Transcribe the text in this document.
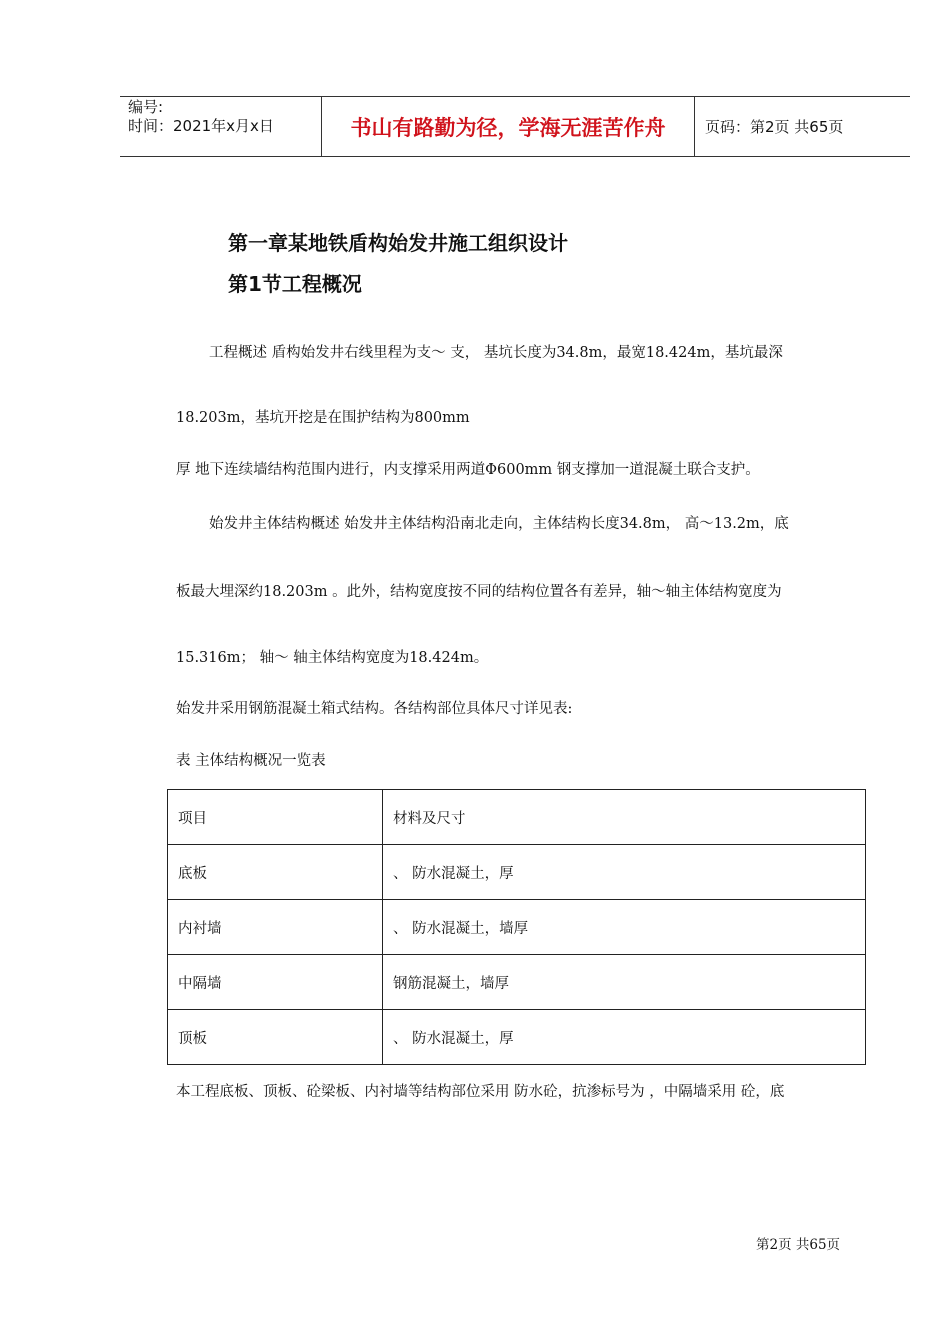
编号:
时间：2021年x月x日	书山有路勤为径，学海无涯苦作舟	页码：第2页 共65页
第一章某地铁盾构始发井施工组织设计
第1节工程概况
工程概述 盾构始发井右线里程为支～ 支， 基坑长度为34.8m，最宽18.424m，基坑最深
18.203m，基坑开挖是在围护结构为800mm
厚 地下连续墙结构范围内进行，内支撑采用两道Φ600mm 钢支撑加一道混凝土联合支护。
始发井主体结构概述 始发井主体结构沿南北走向，主体结构长度34.8m， 高～13.2m，底
板最大埋深约18.203m 。此外，结构宽度按不同的结构位置各有差异，轴～轴主体结构宽度为
15.316m； 轴～ 轴主体结构宽度为18.424m。
始发井采用钢筋混凝土箱式结构。各结构部位具体尺寸详见表:
表 主体结构概况一览表
项目	材料及尺寸
底板	、 防水混凝土，厚
内衬墙	、 防水混凝土，墙厚
中隔墙	钢筋混凝土，墙厚
顶板	、 防水混凝土，厚
本工程底板、顶板、砼梁板、内衬墙等结构部位采用 防水砼，抗渗标号为 ，中隔墙采用 砼，底
第2页 共65页
